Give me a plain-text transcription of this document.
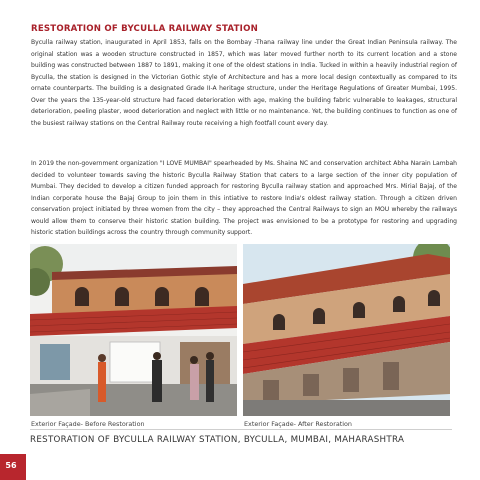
RESTORATION OF BYCULLA RAILWAY STATION

Byculla railway station, inaugurated in April 1853, falls on the Bombay -Thana railway line under the Great Indian Peninsula railway. The original station was a wooden structure constructed in 1857, which was later moved further north to its current location and a stone building was constructed between 1887 to 1891, making it one of the oldest stations in India. Tucked in within a heavily industrial region of Byculla, the station is designed in the Victorian Gothic style of Architecture and has a more local design contextually as compared to its ornate counterparts. The building is a designated Grade II-A heritage structure, under the Heritage Regulations of Greater Mumbai, 1995. Over the years the 135-year-old structure had faced deterioration with age, making the building fabric vulnerable to leakages, structural deterioration, peeling plaster, wood deterioration and neglect with little or no maintenance. Yet, the building continues to function as one of the busiest railway stations on the Central Railway route receiving a high footfall count every day.

In 2019 the non-government organization "I LOVE MUMBAI" spearheaded by Ms. Shaina NC and conservation architect Abha Narain Lambah decided to volunteer towards saving the historic Byculla Railway Station that caters to a large section of the inner city population of Mumbai. They decided to develop a citizen funded approach for restoring Byculla railway station and approached Mrs. Mirial Bajaj, of the Indian corporate house the Bajaj Group to join them in this intiative to restore India's oldest railway station. Through a citizen driven conservation project initiated by three women from the city – they approached the Central Railways to sign an MOU whereby the railways would allow them to conserve their historic station building. The project was envisioned to be a prototype for restoring and upgrading historic station buildings across the country through community support.

Exterior Façade- Before Restoration	Exterior Façade- After Restoration
RESTORATION OF BYCULLA RAILWAY STATION, BYCULLA, MUMBAI, MAHARASHTRA
56
